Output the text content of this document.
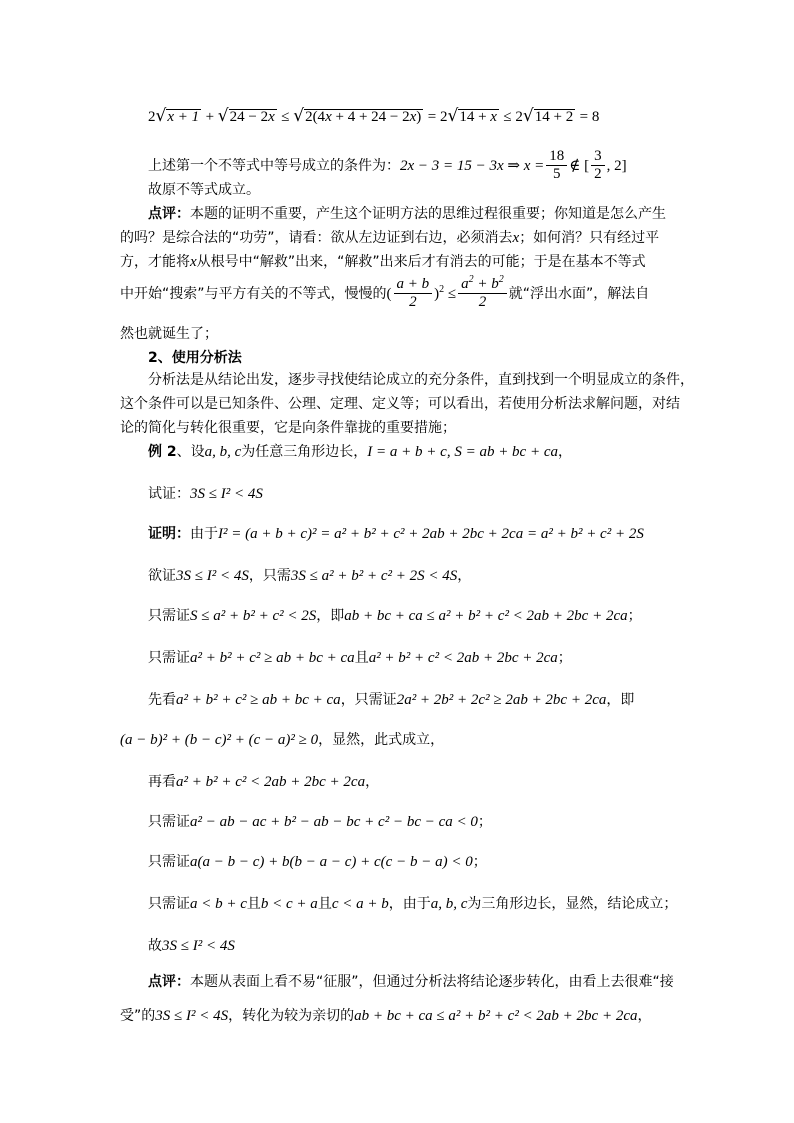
2√x + 1 + √24 − 2x ≤ √2(4x + 4 + 24 − 2x) = 2√14 + x ≤ 2√14 + 2 = 8
上述第一个不等式中等号成立的条件为： 2x − 3 = 15 − 3x ⇒ $x = \frac{18}{5}$ ∉ [ $\frac{3}{2}$ , 2]
故原不等式成立。
点评：本题的证明不重要，产生这个证明方法的思维过程很重要；你知道是怎么产生
的吗？是综合法的“功劳”，请看：欲从左边证到右边，必须消去x；如何消？只有经过平
方，才能将x从根号中“解救”出来，“解救”出来后才有消去的可能；于是在基本不等式
中开始“搜索”与平方有关的不等式，慢慢的 ( $\frac{a + b}{2} )^2 \le \frac{a^2 + b^2}{2}$ 就“浮出水面”，解法自
然也就诞生了；
2、使用分析法
分析法是从结论出发，逐步寻找使结论成立的充分条件，直到找到一个明显成立的条件，
这个条件可以是已知条件、公理、定理、定义等；可以看出，若使用分析法求解问题，对结
论的简化与转化很重要，它是向条件靠拢的重要措施；
例 2、设a, b, c为任意三角形边长，I = a + b + c, S = ab + bc + ca，
试证：3S ≤ I² < 4S
证明：由于I² = (a + b + c)² = a² + b² + c² + 2ab + 2bc + 2ca = a² + b² + c² + 2S
欲证3S ≤ I² < 4S，只需3S ≤ a² + b² + c² + 2S < 4S，
只需证S ≤ a² + b² + c² < 2S，即ab + bc + ca ≤ a² + b² + c² < 2ab + 2bc + 2ca；
只需证a² + b² + c² ≥ ab + bc + ca且a² + b² + c² < 2ab + 2bc + 2ca；
先看a² + b² + c² ≥ ab + bc + ca，只需证2a² + 2b² + 2c² ≥ 2ab + 2bc + 2ca，即
(a − b)² + (b − c)² + (c − a)² ≥ 0，显然，此式成立，
再看a² + b² + c² < 2ab + 2bc + 2ca，
只需证a² − ab − ac + b² − ab − bc + c² − bc − ca < 0；
只需证a(a − b − c) + b(b − a − c) + c(c − b − a) < 0；
只需证a < b + c且b < c + a且c < a + b，由于a, b, c为三角形边长，显然，结论成立；
故3S ≤ I² < 4S
点评：本题从表面上看不易“征服”，但通过分析法将结论逐步转化，由看上去很难“接
受”的3S ≤ I² < 4S，转化为较为亲切的ab + bc + ca ≤ a² + b² + c² < 2ab + 2bc + 2ca，
